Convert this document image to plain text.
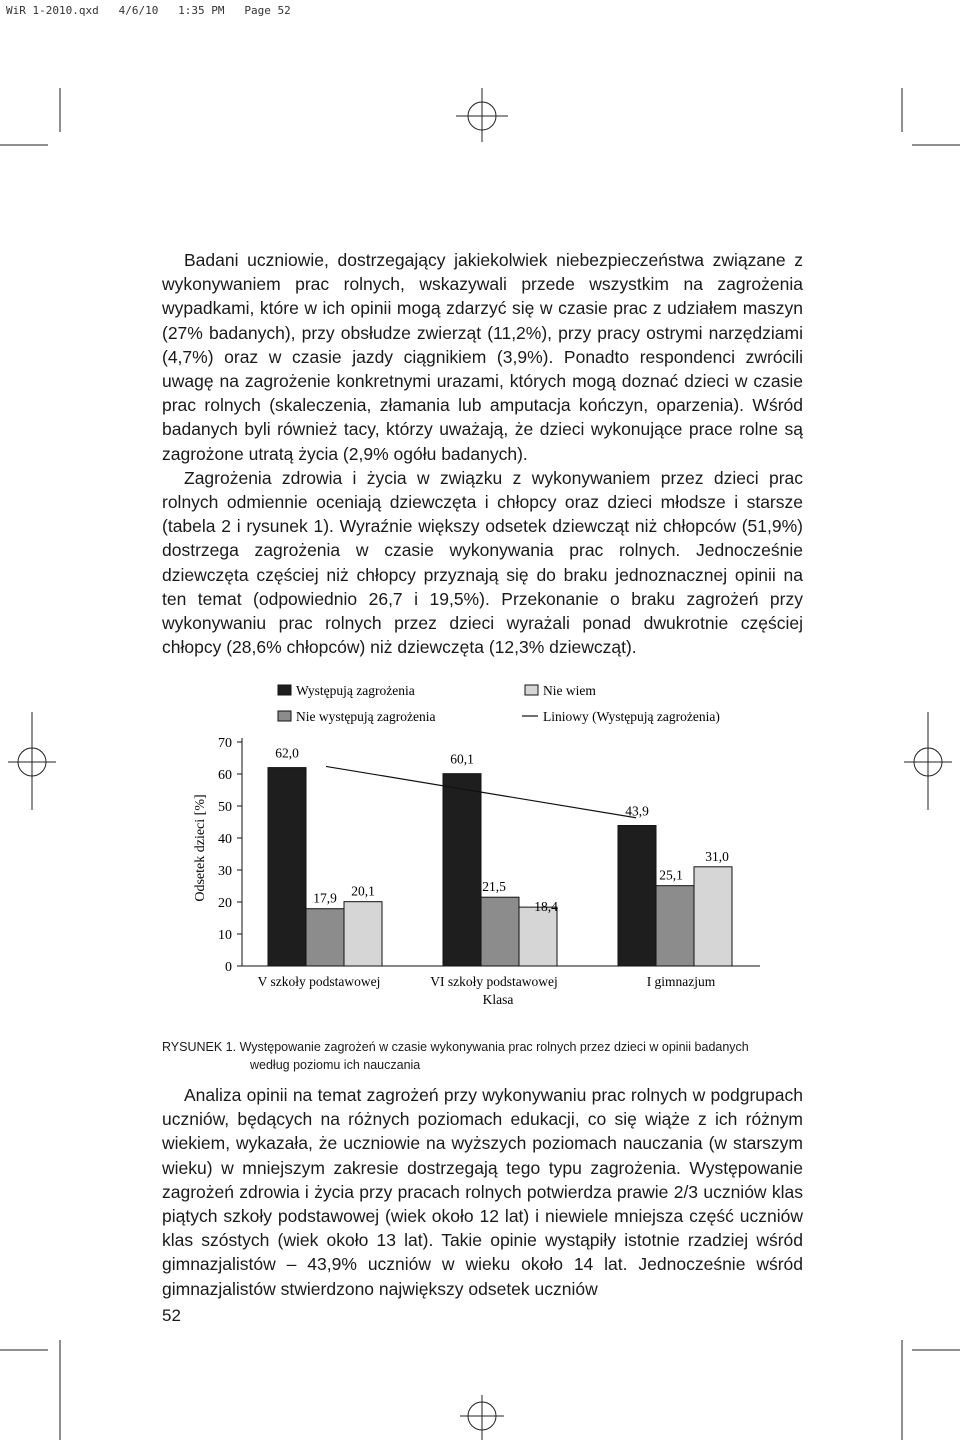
WiR 1-2010.qxd   4/6/10   1:35 PM   Page 52

Badani uczniowie, dostrzegający jakiekolwiek niebezpieczeństwa związane z wykonywaniem prac rolnych, wskazywali przede wszystkim na zagrożenia wypadkami, które w ich opinii mogą zdarzyć się w czasie prac z udziałem maszyn (27% badanych), przy obsłudze zwierząt (11,2%), przy pracy ostrymi narzędziami (4,7%) oraz w czasie jazdy ciągnikiem (3,9%). Ponadto respondenci zwrócili uwagę na zagrożenie konkretnymi urazami, których mogą doznać dzieci w czasie prac rolnych (skaleczenia, złamania lub amputacja kończyn, oparzenia). Wśród badanych byli również tacy, którzy uważają, że dzieci wykonujące prace rolne są zagrożone utratą życia (2,9% ogółu badanych).

Zagrożenia zdrowia i życia w związku z wykonywaniem przez dzieci prac rolnych odmiennie oceniają dziewczęta i chłopcy oraz dzieci młodsze i starsze (tabela 2 i rysunek 1). Wyraźnie większy odsetek dziewcząt niż chłopców (51,9%) dostrzega zagrożenia w czasie wykonywania prac rolnych. Jednocześnie dziewczęta częściej niż chłopcy przyznają się do braku jednoznacznej opinii na ten temat (odpowiednio 26,7 i 19,5%). Przekonanie o braku zagrożeń przy wykonywaniu prac rolnych przez dzieci wyrażali ponad dwukrotnie częściej chłopcy (28,6% chłopców) niż dziewczęta (12,3% dziewcząt).

Występują zagrożenia
Nie występują zagrożenia
Nie wiem
Liniowy (Występują zagrożenia)
Odsetek dzieci [%]
Klasa
0
10
20
30
40
50
60
70
62,0
17,9 20,1
60,1
21,5
18,4
43,9
25,1
31,0
V szkoły podstawowej	VI szkoły podstawowej	I gimnazjum
RYSUNEK 1. Występowanie zagrożeń w czasie wykonywania prac rolnych przez dzieci w opinii badanych
według poziomu ich nauczania

Analiza opinii na temat zagrożeń przy wykonywaniu prac rolnych w podgrupach uczniów, będących na różnych poziomach edukacji, co się wiąże z ich różnym wiekiem, wykazała, że uczniowie na wyższych poziomach nauczania (w starszym wieku) w mniejszym zakresie dostrzegają tego typu zagrożenia. Występowanie zagrożeń zdrowia i życia przy pracach rolnych potwierdza prawie 2/3 uczniów klas piątych szkoły podstawowej (wiek około 12 lat) i niewiele mniejsza część uczniów klas szóstych (wiek około 13 lat). Takie opinie wystąpiły istotnie rzadziej wśród gimnazjalistów – 43,9% uczniów w wieku około 14 lat. Jednocześnie wśród gimnazjalistów stwierdzono największy odsetek uczniów

52
